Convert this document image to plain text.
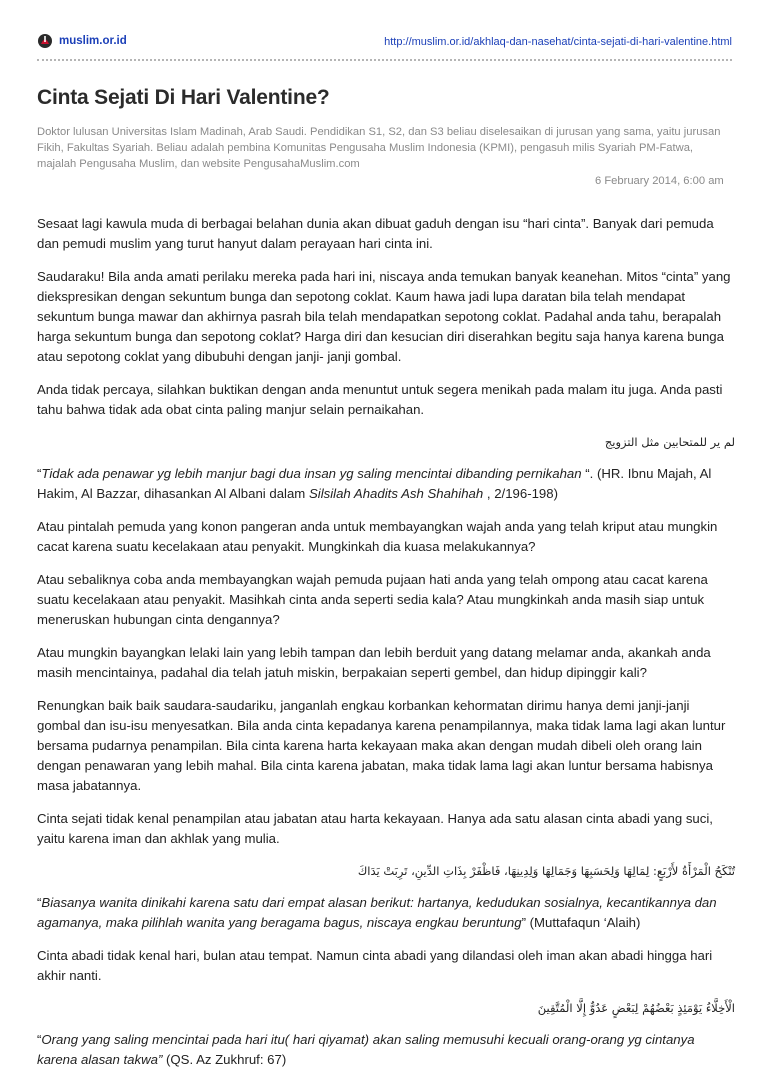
muslim.or.id	http://muslim.or.id/akhlaq-dan-nasehat/cinta-sejati-di-hari-valentine.html
Cinta Sejati Di Hari Valentine?

Doktor lulusan Universitas Islam Madinah, Arab Saudi. Pendidikan S1, S2, dan S3 beliau diselesaikan di jurusan yang sama, yaitu jurusan Fikih, Fakultas Syariah. Beliau adalah pembina Komunitas Pengusaha Muslim Indonesia (KPMI), pengasuh milis Syariah PM-Fatwa, majalah Pengusaha Muslim, dan website PengusahaMuslim.com

6 February 2014, 6:00 am

Sesaat lagi kawula muda di berbagai belahan dunia akan dibuat gaduh dengan isu “hari cinta”. Banyak dari pemuda dan pemudi muslim yang turut hanyut dalam perayaan hari cinta ini.

Saudaraku! Bila anda amati perilaku mereka pada hari ini, niscaya anda temukan banyak keanehan. Mitos “cinta” yang diekspresikan dengan sekuntum bunga dan sepotong coklat. Kaum hawa jadi lupa daratan bila telah mendapat sekuntum bunga mawar dan akhirnya pasrah bila telah mendapatkan sepotong coklat. Padahal anda tahu, berapalah harga sekuntum bunga dan sepotong coklat? Harga diri dan kesucian diri diserahkan begitu saja hanya karena bunga atau sepotong coklat yang dibubuhi dengan janji- janji gombal.

Anda tidak percaya, silahkan buktikan dengan anda menuntut untuk segera menikah pada malam itu juga. Anda pasti tahu bahwa tidak ada obat cinta paling manjur selain pernaikahan.

لم ير للمتحابين مثل التزويج

“Tidak ada penawar yg lebih manjur bagi dua insan yg saling mencintai dibanding pernikahan “. (HR. Ibnu Majah, Al Hakim, Al Bazzar, dihasankan Al Albani dalam Silsilah Ahadits Ash Shahihah , 2/196-198)

Atau pintalah pemuda yang konon pangeran anda untuk membayangkan wajah anda yang telah kriput atau mungkin cacat karena suatu kecelakaan atau penyakit. Mungkinkah dia kuasa melakukannya?

Atau sebaliknya coba anda membayangkan wajah pemuda pujaan hati anda yang telah ompong atau cacat karena suatu kecelakaan atau penyakit. Masihkah cinta anda seperti sedia kala? Atau mungkinkah anda masih siap untuk meneruskan hubungan cinta dengannya?

Atau mungkin bayangkan lelaki lain yang lebih tampan dan lebih berduit yang datang melamar anda, akankah anda masih mencintainya, padahal dia telah jatuh miskin, berpakaian seperti gembel, dan hidup dipinggir kali?

Renungkan baik baik saudara-saudariku, janganlah engkau korbankan kehormatan dirimu hanya demi janji-janji gombal dan isu-isu menyesatkan. Bila anda cinta kepadanya karena penampilannya, maka tidak lama lagi akan luntur bersama pudarnya penampilan. Bila cinta karena harta kekayaan maka akan dengan mudah dibeli oleh orang lain dengan penawaran yang lebih mahal. Bila cinta karena jabatan, maka tidak lama lagi akan luntur bersama habisnya masa jabatannya.

Cinta sejati tidak kenal penampilan atau jabatan atau harta kekayaan. Hanya ada satu alasan cinta abadi yang suci, yaitu karena iman dan akhlak yang mulia.

تُنْكَحُ الْمَرْأَةُ لأَرْبَعٍ: لِمَالِهَا وَلِحَسَبِهَا وَجَمَالِهَا وَلِدِينِهَا، فَاظْفَرْ بِذَاتِ الدِّينِ، تَرِبَتْ يَدَاكَ

“Biasanya wanita dinikahi karena satu dari empat alasan berikut: hartanya, kedudukan sosialnya, kecantikannya dan agamanya, maka pilihlah wanita yang beragama bagus, niscaya engkau beruntung” (Muttafaqun ‘Alaih)

Cinta abadi tidak kenal hari, bulan atau tempat. Namun cinta abadi yang dilandasi oleh iman akan abadi hingga hari akhir nanti.

الْأَخِلَّاءُ يَوْمَئِذٍ بَعْضُهُمْ لِبَعْضٍ عَدُوٌّ إِلَّا الْمُتَّقِينَ

“Orang yang saling mencintai pada hari itu( hari qiyamat) akan saling memusuhi kecuali orang-orang yg cintanya karena alasan takwa” (QS. Az Zukhruf: 67)
